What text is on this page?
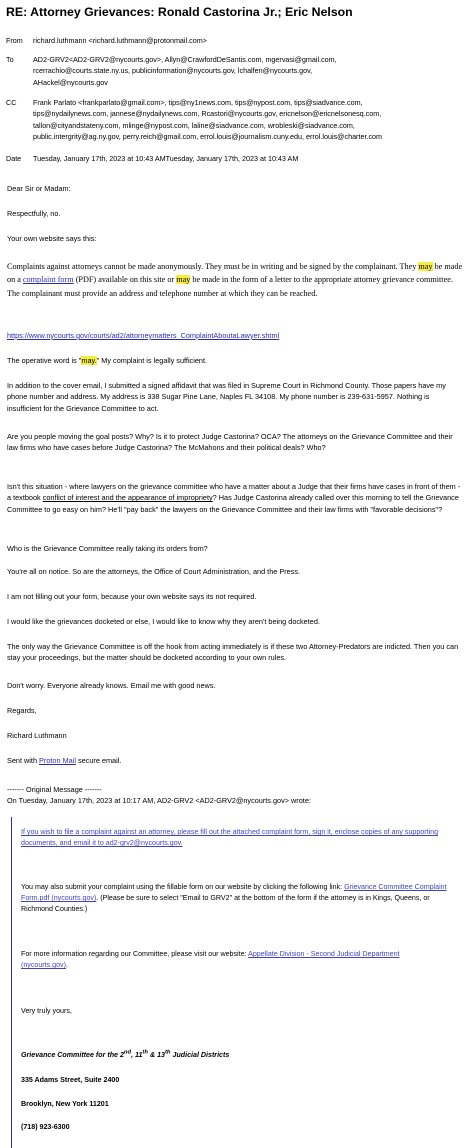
RE: Attorney Grievances: Ronald Castorina Jr.; Eric Nelson
From	richard.luthmann <richard.luthmann@protonmail.com>
To	AD2-GRV2<AD2-GRV2@nycourts.gov>, Allyn@CrawfordDeSantis.com, mgervasi@gmail.com,
rcerrachio@courts.state.ny.us, publicinformation@nycourts.gov, lchalfen@nycourts.gov,
AHackel@nycourts.gov
CC	Frank Parlato <frankparlato@gmail.com>, tips@ny1news.com, tips@nypost.com, tips@siadvance.com,
tips@nydailynews.com, jannese@nydailynews.com, Rcastori@nycourts.gov, ericnelson@ericnelsonesq.com,
tallon@cityandstateny.com, mlinge@nypost.com, laline@siadvance.com, wrobleski@siadvance.com,
public.intergrity@ag.ny.gov, perry.reich@gmail.com, errol.louis@journalism.cuny.edu, errol.louis@charter.com
Date	Tuesday, January 17th, 2023 at 10:43 AMTuesday, January 17th, 2023 at 10:43 AM
Dear Sir or Madam:
Respectfully, no.
Your own website says this:
Complaints against attorneys cannot be made anonymously. They must be in writing and be signed by the complainant. They may be made on a complaint form (PDF) available on this site or may be made in the form of a letter to the appropriate attorney grievance committee. The complainant must provide an address and telephone number at which they can be reached.
https://www.nycourts.gov/courts/ad2/attorneymatters_ComplaintAboutaLawyer.shtml
The operative word is "may." My complaint is legally sufficient.
In addition to the cover email, I submitted a signed affidavit that was filed in Supreme Court in Richmond County. Those papers have my phone number and address. My address is 338 Sugar Pine Lane, Naples FL 34108. My phone number is 239-631-5957. Nothing is insufficient for the Grievance Committee to act.
Are you people moving the goal posts? Why? Is it to protect Judge Castorina? OCA? The attorneys on the Grievance Committee and their law firms who have cases before Judge Castorina? The McMahons and their political deals? Who?
Isn't this situation - where lawyers on the grievance committee who have a matter about a Judge that their firms have cases in front of them - a textbook conflict of interest and the appearance of impropriety? Has Judge Castorina already called over this morning to tell the Grievance Committee to go easy on him? He'll "pay back" the lawyers on the Grievance Committee and their law firms with "favorable decisions"?
Who is the Grievance Committee really taking its orders from?
You're all on notice. So are the attorneys, the Office of Court Administration, and the Press.
I am not filling out your form, because your own website says its not required.
I would like the grievances docketed or else, I would like to know why they aren't being docketed.
The only way the Grievance Committee is off the hook from acting immediately is if these two Attorney-Predators are indicted. Then you can stay your proceedings, but the matter should be docketed according to your own rules.
Don't worry. Everyone already knows. Email me with good news.
Regards,
Richard Luthmann
Sent with Proton Mail secure email.
------- Original Message -------
On Tuesday, January 17th, 2023 at 10:17 AM, AD2-GRV2 <AD2-GRV2@nycourts.gov> wrote:
If you wish to file a complaint against an attorney, please fill out the attached complaint form, sign it, enclose copies of any supporting documents, and email it to ad2-grv2@nycourts.gov.
You may also submit your complaint using the fillable form on our website by clicking the following link: Grievance Committee Complaint Form.pdf (nycourts.gov). (Please be sure to select "Email to GRV2" at the bottom of the form if the attorney is in Kings, Queens, or Richmond Counties.)
For more information regarding our Committee, please visit our website: Appellate Division - Second Judicial Department (nycourts.gov).
Very truly yours,
Grievance Committee for the 2nd, 11th & 13th Judicial Districts
335 Adams Street, Suite 2400
Brooklyn, New York 11201
(718) 923-6300
